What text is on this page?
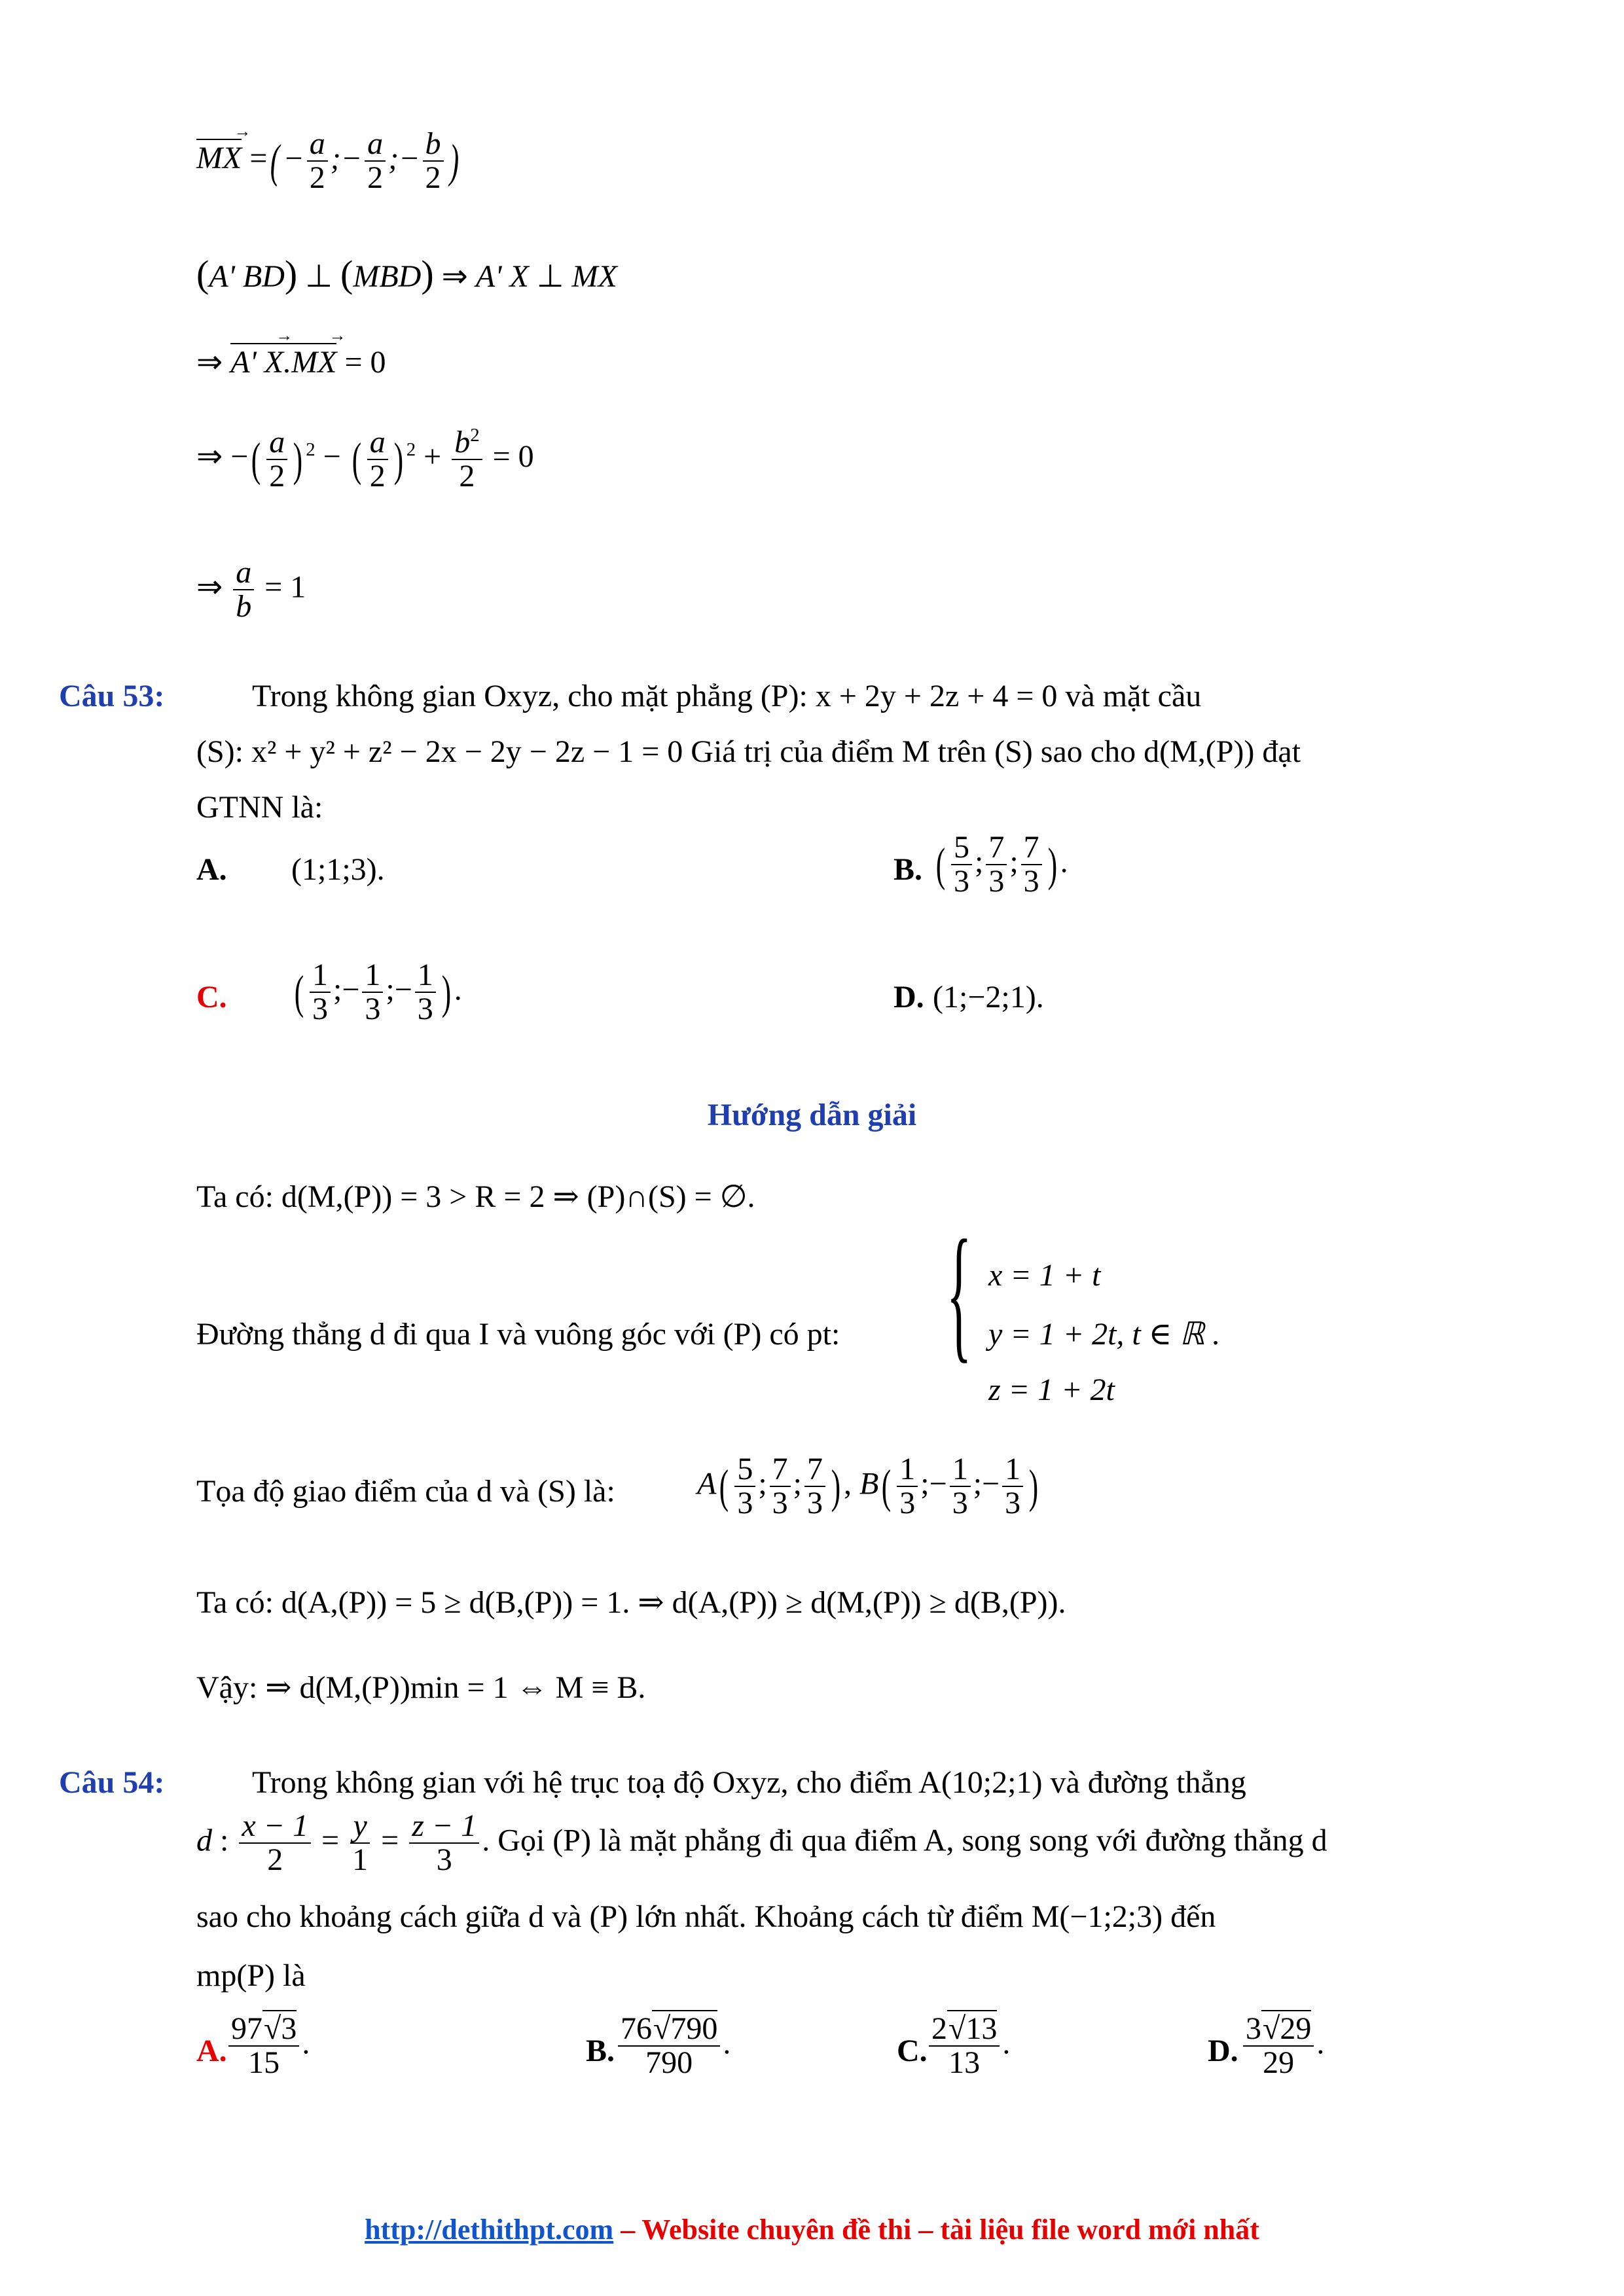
→ MX =(− $\frac{a}{2}$ ;− $\frac{a}{2}$ ;− $\frac{b}{2}$ )
(A' BD) ⊥ (MBD) ⇒ A' X ⊥ MX
⇒ → A' X→ .MX = 0
⇒ −( $\frac{a}{2}$ ) $^2$ − ( $\frac{a}{2}$ ) $^2 + \frac{b^2}{2} = 0$
⇒ $\frac{a}{b} = 1$
Câu 53:	Trong không gian Oxyz, cho mặt phẳng (P): x + 2y + 2z + 4 = 0 và mặt cầu
(S): x² + y² + z² − 2x − 2y − 2z − 1 = 0 Giá trị của điểm M trên (S) sao cho d(M,(P)) đạt
GTNN là:
A. (1;1;3).	B. ( $\frac{5}{3}$ ; $\frac{7}{3}$ ; $\frac{7}{3}$ ).
C. ( $\frac{1}{3}$ ;− $\frac{1}{3}$ ;− $\frac{1}{3}$ ).	D. (1;−2;1).
Hướng dẫn giải
Ta có: d(M,(P)) = 3 > R = 2 ⇒ (P)∩(S) = ∅.
Đường thẳng d đi qua I và vuông góc với (P) có pt: { x = 1 + t
y = 1 + 2t, t ∈ ℝ .
z = 1 + 2t
Tọa độ giao điểm của d và (S) là:	$A( \frac{5}{3}$ ; $\frac{7}{3}$ ; $\frac{7}{3}$ ), $B( \frac{1}{3}$ ;− $\frac{1}{3}$ ;− $\frac{1}{3}$ )
Ta có: d(A,(P)) = 5 ≥ d(B,(P)) = 1. ⇒ d(A,(P)) ≥ d(M,(P)) ≥ d(B,(P)).
Vậy: ⇒ d(M,(P))min = 1 ⇔ M ≡ B.
Câu 54:	Trong không gian với hệ trục toạ độ Oxyz, cho điểm A(10;2;1) và đường thẳng
d : $\frac{x - 1}{2} = \frac{y}{1} = \frac{z - 1}{3}$ . Gọi (P) là mặt phẳng đi qua điểm A, song song với đường thẳng d
sao cho khoảng cách giữa d và (P) lớn nhất. Khoảng cách từ điểm M(−1;2;3) đến
mp(P) là
A. $\frac{97√3}{15}$ .	B. $\frac{76√790}{790}$ .	C. $\frac{2√13}{13}$ .	D. $\frac{3√29}{29}$ .
http://dethithpt.com – Website chuyên đề thi – tài liệu file word mới nhất
